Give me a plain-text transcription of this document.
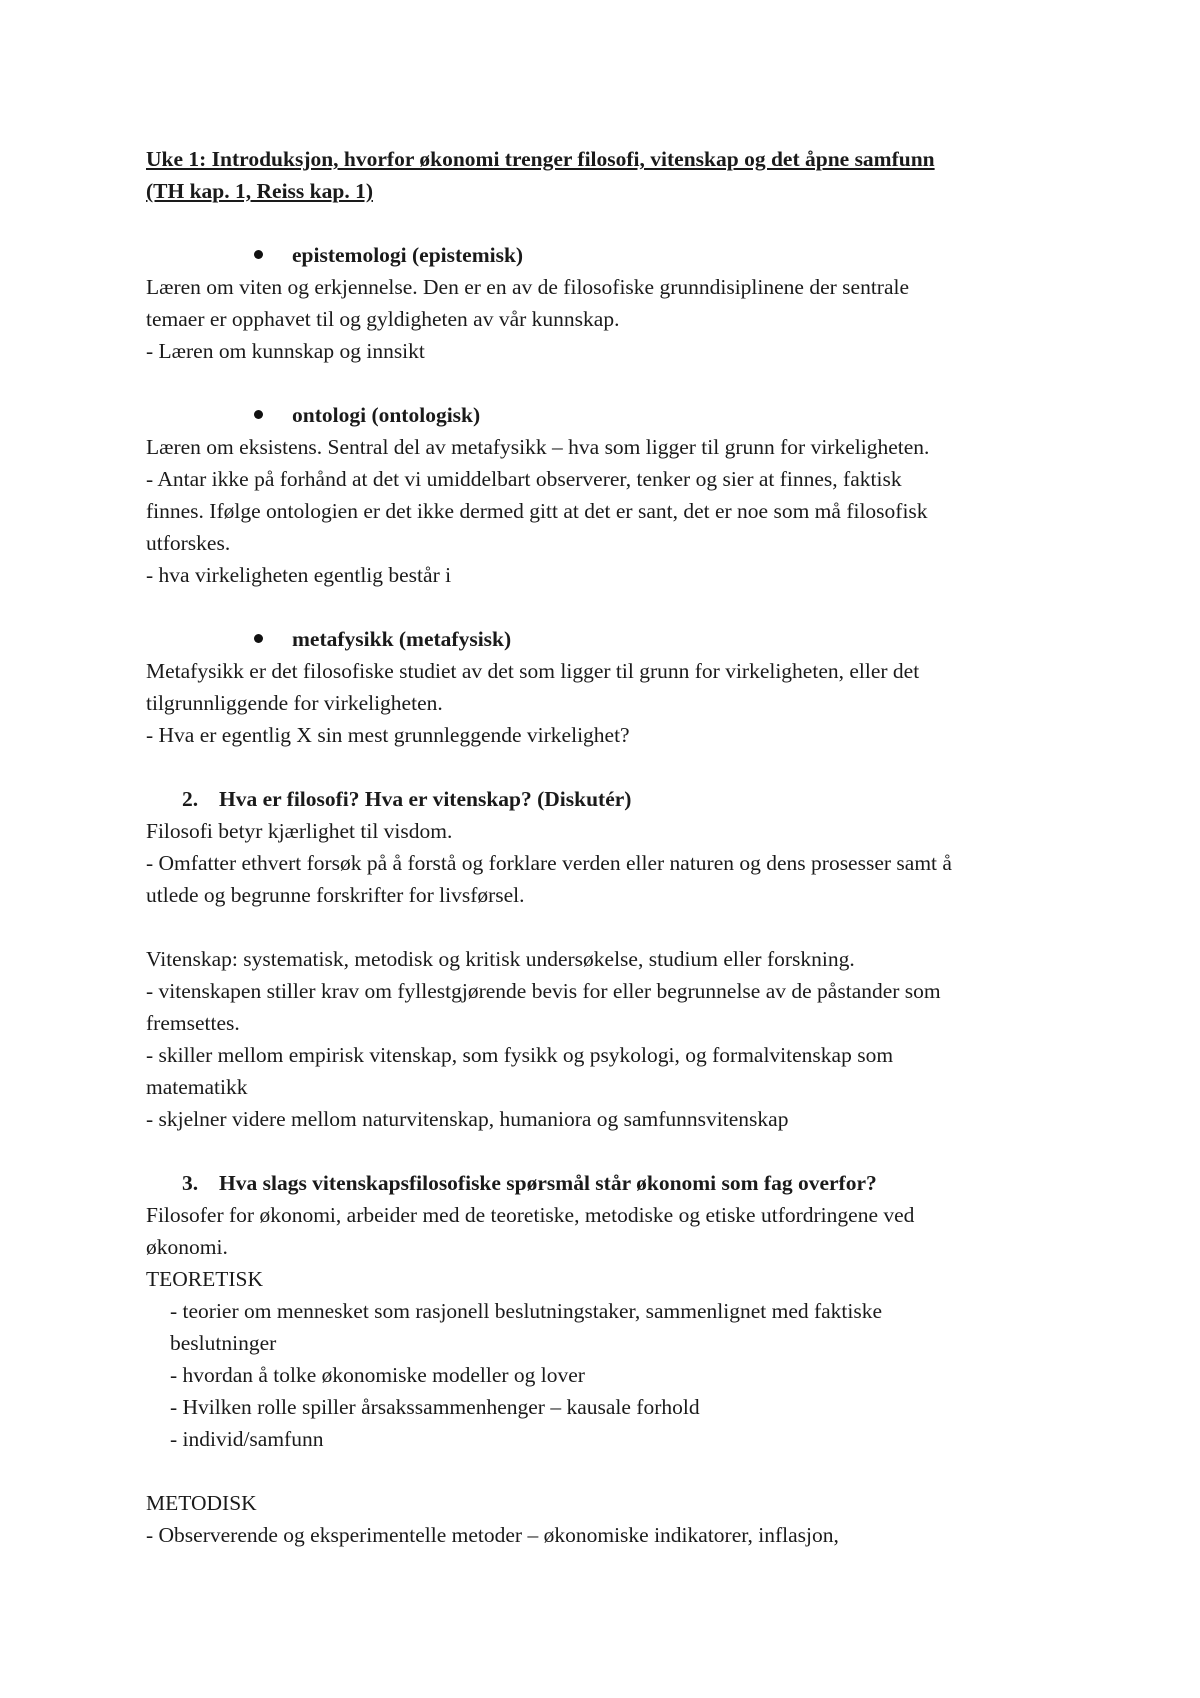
Uke 1: Introduksjon, hvorfor økonomi trenger filosofi, vitenskap og det åpne samfunn

(TH kap. 1, Reiss kap. 1)

epistemologi (epistemisk)

Læren om viten og erkjennelse. Den er en av de filosofiske grunndisiplinene der sentrale

temaer er opphavet til og gyldigheten av vår kunnskap.

- Læren om kunnskap og innsikt

ontologi (ontologisk)

Læren om eksistens. Sentral del av metafysikk – hva som ligger til grunn for virkeligheten.

- Antar ikke på forhånd at det vi umiddelbart observerer, tenker og sier at finnes, faktisk

finnes. Ifølge ontologien er det ikke dermed gitt at det er sant, det er noe som må filosofisk

utforskes.

- hva virkeligheten egentlig består i

metafysikk (metafysisk)

Metafysikk er det filosofiske studiet av det som ligger til grunn for virkeligheten, eller det

tilgrunnliggende for virkeligheten.

- Hva er egentlig X sin mest grunnleggende virkelighet?

2. Hva er filosofi? Hva er vitenskap? (Diskutér)

Filosofi betyr kjærlighet til visdom.

- Omfatter ethvert forsøk på å forstå og forklare verden eller naturen og dens prosesser samt å

utlede og begrunne forskrifter for livsførsel.

Vitenskap: systematisk, metodisk og kritisk undersøkelse, studium eller forskning.

- vitenskapen stiller krav om fyllestgjørende bevis for eller begrunnelse av de påstander som

fremsettes.

- skiller mellom empirisk vitenskap, som fysikk og psykologi, og formalvitenskap som

matematikk

- skjelner videre mellom naturvitenskap, humaniora og samfunnsvitenskap

3. Hva slags vitenskapsfilosofiske spørsmål står økonomi som fag overfor?

Filosofer for økonomi, arbeider med de teoretiske, metodiske og etiske utfordringene ved

økonomi.

TEORETISK

- teorier om mennesket som rasjonell beslutningstaker, sammenlignet med faktiske

beslutninger

- hvordan å tolke økonomiske modeller og lover

- Hvilken rolle spiller årsakssammenhenger – kausale forhold

- individ/samfunn

METODISK

- Observerende og eksperimentelle metoder – økonomiske indikatorer, inflasjon,
